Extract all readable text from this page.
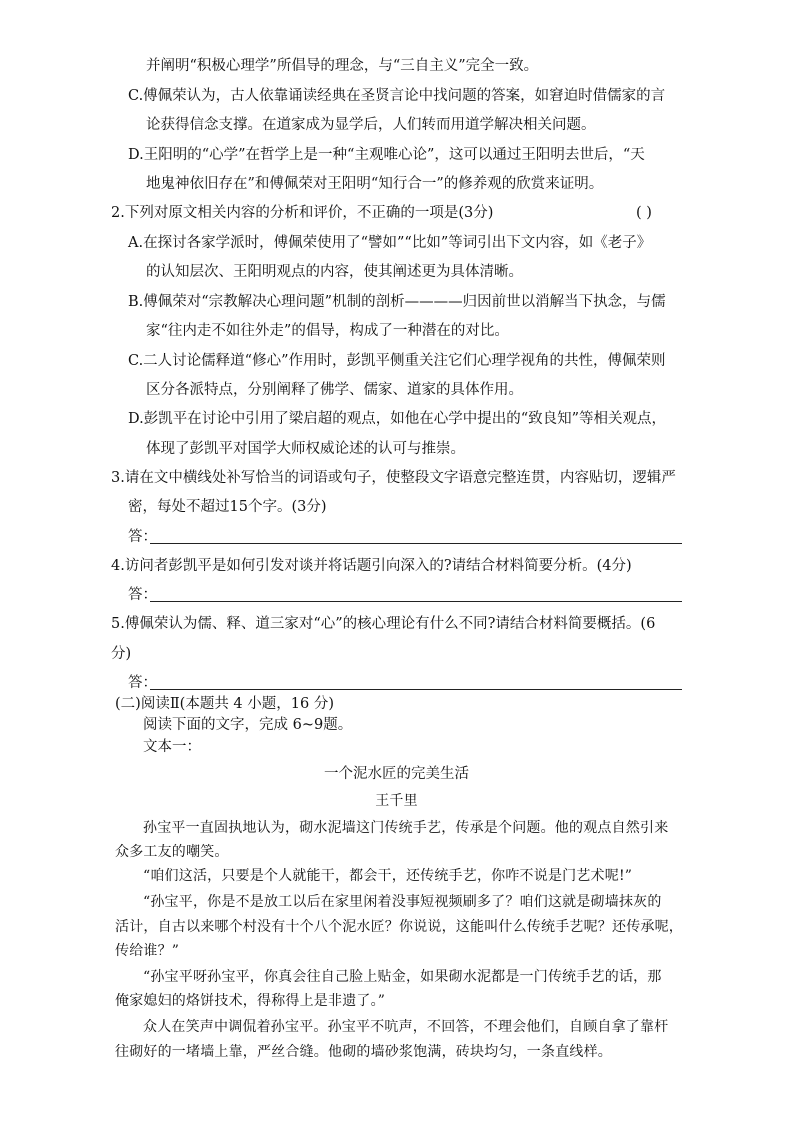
并阐明“积极心理学”所倡导的理念，与“三自主义”完全一致。
C.傅佩荣认为，古人依靠诵读经典在圣贤言论中找问题的答案，如窘迫时借儒家的言
论获得信念支撑。在道家成为显学后，人们转而用道学解决相关问题。
D.王阳明的“心学”在哲学上是一种“主观唯心论”，这可以通过王阳明去世后，“天
地鬼神依旧存在”和傅佩荣对王阳明“知行合一”的修养观的欣赏来证明。
2.下列对原文相关内容的分析和评价，不正确的一项是(3分)	( )
A.在探讨各家学派时，傅佩荣使用了“譬如”“比如”等词引出下文内容，如《老子》
的认知层次、王阳明观点的内容，使其阐述更为具体清晰。
B.傅佩荣对“宗教解决心理问题”机制的剖析————归因前世以消解当下执念，与儒
家“往内走不如往外走”的倡导，构成了一种潜在的对比。
C.二人讨论儒释道“修心”作用时，彭凯平侧重关注它们心理学视角的共性，傅佩荣则
区分各派特点，分别阐释了佛学、儒家、道家的具体作用。
D.彭凯平在讨论中引用了梁启超的观点，如他在心学中提出的“致良知”等相关观点，
体现了彭凯平对国学大师权威论述的认可与推崇。
3.请在文中横线处补写恰当的词语或句子，使整段文字语意完整连贯，内容贴切，逻辑严
密，每处不超过15个字。(3分)
答：
4.访问者彭凯平是如何引发对谈并将话题引向深入的?请结合材料简要分析。(4分)
答：
5.傅佩荣认为儒、释、道三家对“心”的核心理论有什么不同?请结合材料简要概括。(6
分)
答：
(二)阅读Ⅱ(本题共 4 小题，16 分)
阅读下面的文字，完成 6~9题。
文本一：
一个泥水匠的完美生活
王千里
孙宝平一直固执地认为，砌水泥墙这门传统手艺，传承是个问题。他的观点自然引来
众多工友的嘲笑。
“咱们这活，只要是个人就能干，都会干，还传统手艺，你咋不说是门艺术呢!”
“孙宝平，你是不是放工以后在家里闲着没事短视频刷多了？咱们这就是砌墙抹灰的
活计，自古以来哪个村没有十个八个泥水匠？你说说，这能叫什么传统手艺呢？还传承呢，
传给谁？”
“孙宝平呀孙宝平，你真会往自己脸上贴金，如果砌水泥都是一门传统手艺的话，那
俺家媳妇的烙饼技术，得称得上是非遗了。”
众人在笑声中调侃着孙宝平。孙宝平不吭声，不回答，不理会他们，自顾自拿了靠杆
往砌好的一堵墙上靠，严丝合缝。他砌的墙砂浆饱满，砖块均匀，一条直线样。
